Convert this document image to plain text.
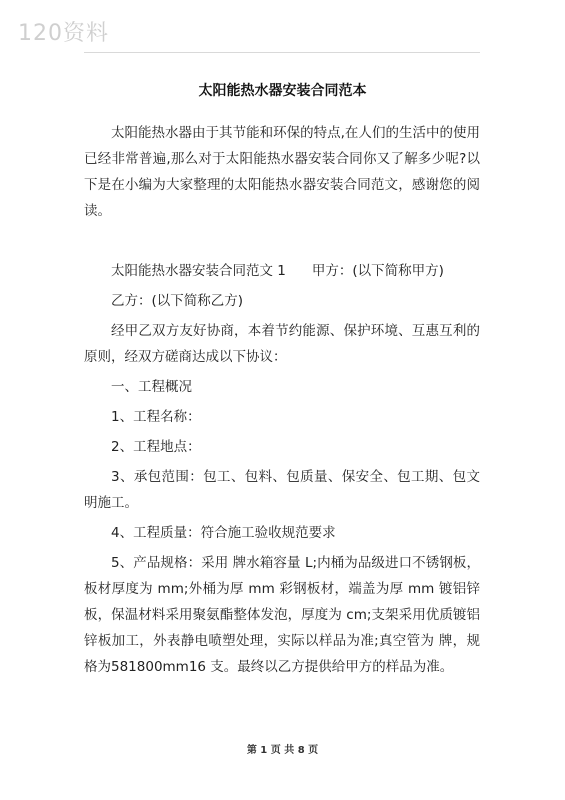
120资料
太阳能热水器安装合同范本

太阳能热水器由于其节能和环保的特点,在人们的生活中的使用已经非常普遍,那么对于太阳能热水器安装合同你又了解多少呢?以下是在小编为大家整理的太阳能热水器安装合同范文，感谢您的阅读。

太阳能热水器安装合同范文 1 甲方：(以下简称甲方)

乙方：(以下简称乙方)

经甲乙双方友好协商，本着节约能源、保护环境、互惠互利的原则，经双方磋商达成以下协议：

一、工程概况

1、工程名称：

2、工程地点：

3、承包范围：包工、包料、包质量、保安全、包工期、包文明施工。

4、工程质量：符合施工验收规范要求

5、产品规格：采用 牌水箱容量 L;内桶为品级进口不锈钢板，板材厚度为 mm;外桶为厚 mm 彩钢板材，端盖为厚 mm 镀铝锌板，保温材料采用聚氨酯整体发泡，厚度为 cm;支架采用优质镀铝锌板加工，外表静电喷塑处理，实际以样品为准;真空管为 牌，规格为581800mm16 支。最终以乙方提供给甲方的样品为准。

第 1 页 共 8 页
